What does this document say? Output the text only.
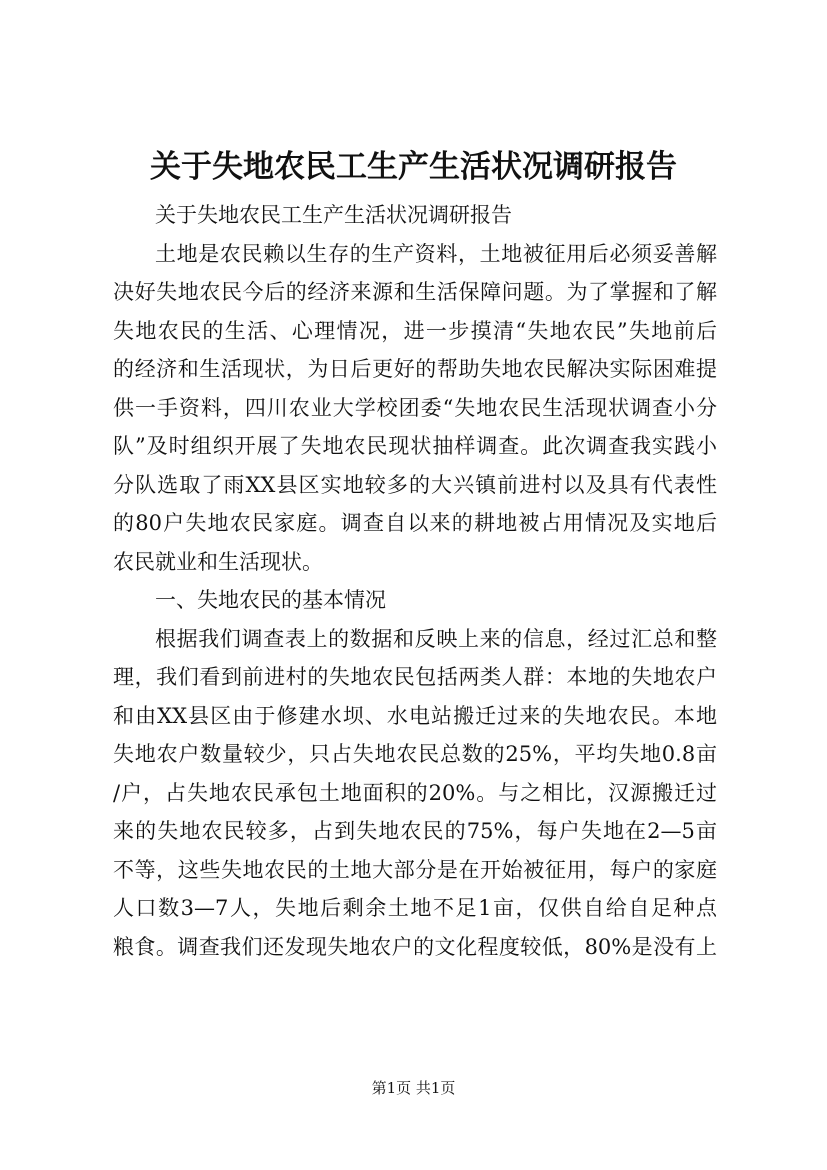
关于失地农民工生产生活状况调研报告
关于失地农民工生产生活状况调研报告
土地是农民赖以生存的生产资料，土地被征用后必须妥善解
决好失地农民今后的经济来源和生活保障问题。为了掌握和了解
失地农民的生活、心理情况，进一步摸清“失地农民”失地前后
的经济和生活现状，为日后更好的帮助失地农民解决实际困难提
供一手资料，四川农业大学校团委“失地农民生活现状调查小分
队”及时组织开展了失地农民现状抽样调查。此次调查我实践小
分队选取了雨XX县区实地较多的大兴镇前进村以及具有代表性
的80户失地农民家庭。调查自以来的耕地被占用情况及实地后
农民就业和生活现状。
一、失地农民的基本情况
根据我们调查表上的数据和反映上来的信息，经过汇总和整
理，我们看到前进村的失地农民包括两类人群：本地的失地农户
和由XX县区由于修建水坝、水电站搬迁过来的失地农民。本地
失地农户数量较少，只占失地农民总数的25%，平均失地0.8亩
/户，占失地农民承包土地面积的20%。与之相比，汉源搬迁过
来的失地农民较多，占到失地农民的75%，每户失地在2—5亩
不等，这些失地农民的土地大部分是在开始被征用，每户的家庭
人口数3—7人，失地后剩余土地不足1亩，仅供自给自足种点
粮食。调查我们还发现失地农户的文化程度较低，80%是没有上
第1页 共1页
